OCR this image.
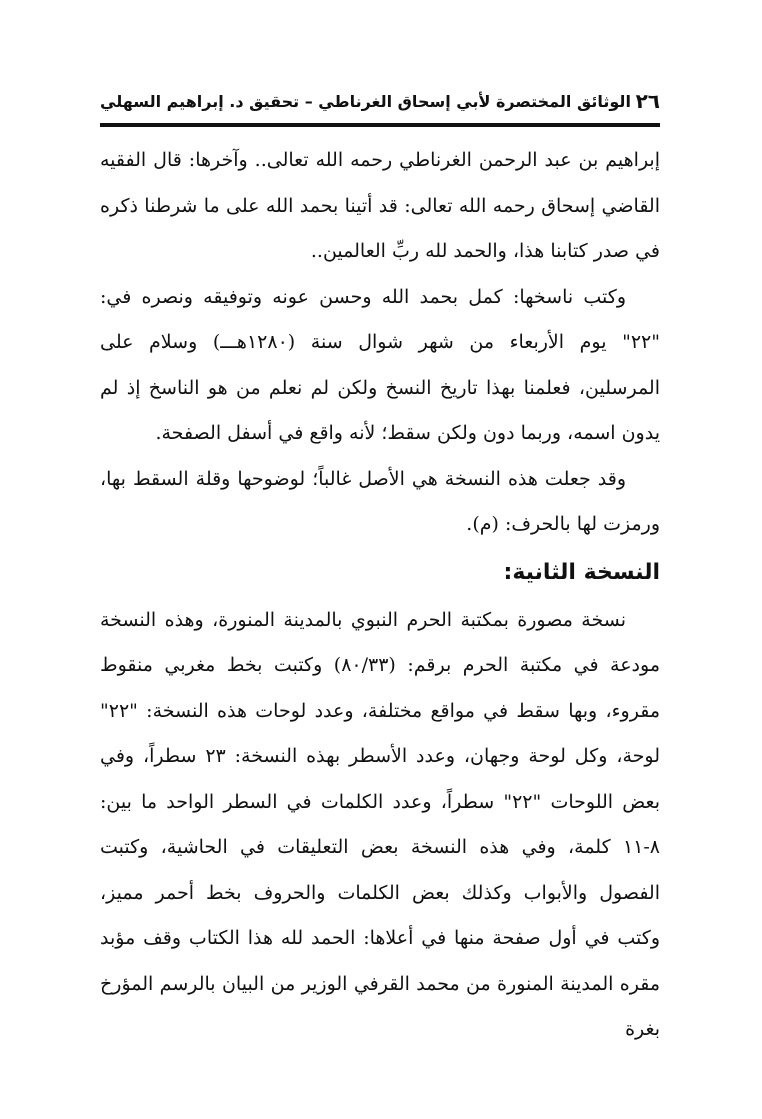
٢٦
الوثائق المختصرة لأبي إسحاق الغرناطي – تحقيق د. إبراهيم السهلي

إبراهيم بن عبد الرحمن الغرناطي رحمه الله تعالى.. وآخرها: قال الفقيه القاضي إسحاق رحمه الله تعالى: قد أتينا بحمد الله على ما شرطنا ذكره في صدر كتابنا هذا، والحمد لله ربِّ العالمين..

وكتب ناسخها: كمل بحمد الله وحسن عونه وتوفيقه ونصره في: "٢٢" يوم الأربعاء من شهر شوال سنة (١٢٨٠هـــ) وسلام على المرسلين، فعلمنا بهذا تاريخ النسخ ولكن لم نعلم من هو الناسخ إذ لم يدون اسمه، وربما دون ولكن سقط؛ لأنه واقع في أسفل الصفحة.

وقد جعلت هذه النسخة هي الأصل غالباً؛ لوضوحها وقلة السقط بها، ورمزت لها بالحرف: (م).

النسخة الثانية:

نسخة مصورة بمكتبة الحرم النبوي بالمدينة المنورة، وهذه النسخة مودعة في مكتبة الحرم برقم: (٨٠/٣٣) وكتبت بخط مغربي منقوط مقروء، وبها سقط في مواقع مختلفة، وعدد لوحات هذه النسخة: "٢٢" لوحة، وكل لوحة وجهان، وعدد الأسطر بهذه النسخة: ٢٣ سطراً، وفي بعض اللوحات "٢٢" سطراً، وعدد الكلمات في السطر الواحد ما بين: ٨-١١ كلمة، وفي هذه النسخة بعض التعليقات في الحاشية، وكتبت الفصول والأبواب وكذلك بعض الكلمات والحروف بخط أحمر مميز، وكتب في أول صفحة منها في أعلاها: الحمد لله هذا الكتاب وقف مؤبد مقره المدينة المنورة من محمد القرفي الوزير من البيان بالرسم المؤرخ بغرة
